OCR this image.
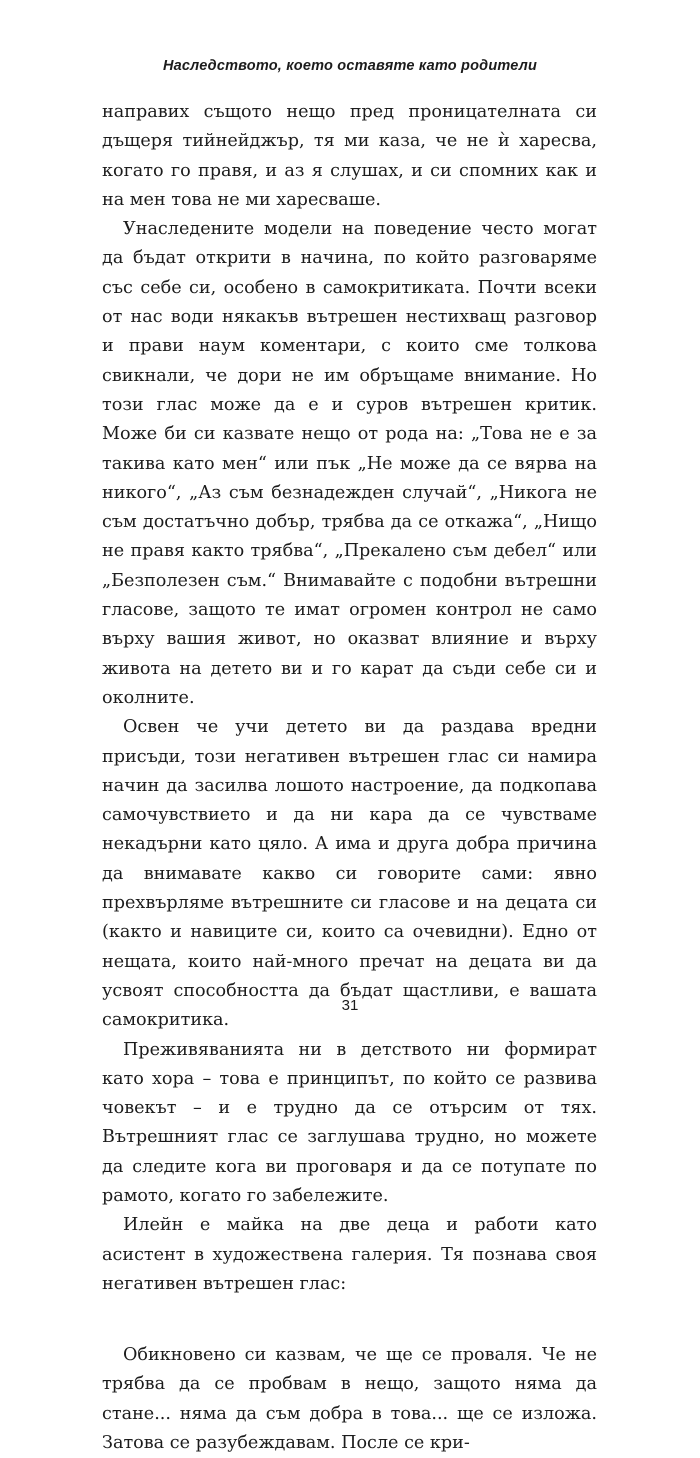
Наследството, което оставяте като родители

направих същото нещо пред проницателната си дъщеря тийнейджър, тя ми каза, че не ѝ харесва, когато го правя, и аз я слушах, и си спомних как и на мен това не ми харесваше.

Унаследените модели на поведение често могат да бъдат открити в начина, по който разговаряме със себе си, особено в самокритиката. Почти всеки от нас води някакъв вътрешен нестихващ разговор и прави наум коментари, с които сме толкова свикнали, че дори не им обръщаме внимание. Но този глас може да е и суров вътрешен критик. Може би си казвате нещо от рода на: „Това не е за такива като мен“ или пък „Не може да се вярва на никого“, „Аз съм безнадежден случай“, „Никога не съм достатъчно добър, трябва да се откажа“, „Нищо не правя както трябва“, „Прекалено съм дебел“ или „Безполезен съм.“ Внимавайте с подобни вътрешни гласове, защото те имат огромен контрол не само върху вашия живот, но оказват влияние и върху живота на детето ви и го карат да съди себе си и околните.

Освен че учи детето ви да раздава вредни присъди, този негативен вътрешен глас си намира начин да засилва лошото настроение, да подкопава самочувствието и да ни кара да се чувстваме некадърни като цяло. А има и друга добра причина да внимавате какво си говорите сами: явно прехвърляме вътрешните си гласове и на децата си (както и навиците си, които са очевидни). Едно от нещата, които най-много пречат на децата ви да усвоят способността да бъдат щастливи, е вашата самокритика.

Преживяванията ни в детството ни формират като хора – това е принципът, по който се развива човекът – и е трудно да се отърсим от тях. Вътрешният глас се заглушава трудно, но можете да следите кога ви проговаря и да се потупате по рамото, когато го забележите.

Илейн е майка на две деца и работи като асистент в художествена галерия. Тя познава своя негативен вътрешен глас:

Обикновено си казвам, че ще се проваля. Че не трябва да се пробвам в нещо, защото няма да стане... няма да съм добра в това... ще се изложа. Затова се разубеждавам. После се кри-

31
